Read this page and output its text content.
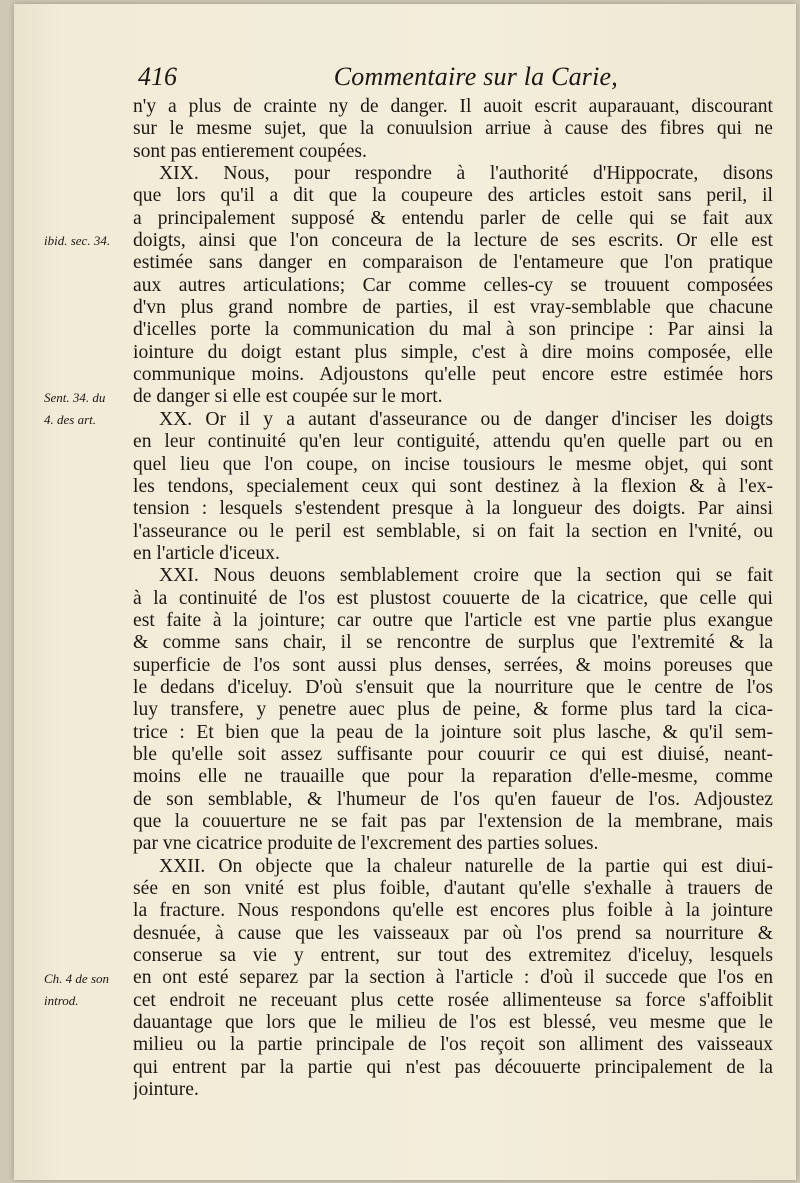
416	Commentaire sur la Carie,
ibid. sec. 34.
Sent. 34. du
4. des art.
Ch. 4 de son
introd.
n'y a plus de crainte ny de danger. Il auoit escrit auparauant, discourant
sur le mesme sujet, que la conuulsion arriue à cause des fibres qui ne
sont pas entierement coupées.
XIX. Nous, pour respondre à l'authorité d'Hippocrate, disons
que lors qu'il a dit que la coupeure des articles estoit sans peril, il
a principalement supposé & entendu parler de celle qui se fait aux
doigts, ainsi que l'on conceura de la lecture de ses escrits. Or elle est
estimée sans danger en comparaison de l'entameure que l'on pratique
aux autres articulations; Car comme celles-cy se trouuent composées
d'vn plus grand nombre de parties, il est vray-semblable que chacune
d'icelles porte la communication du mal à son principe : Par ainsi la
iointure du doigt estant plus simple, c'est à dire moins composée, elle
communique moins. Adjoustons qu'elle peut encore estre estimée hors
de danger si elle est coupée sur le mort.
XX. Or il y a autant d'asseurance ou de danger d'inciser les doigts
en leur continuité qu'en leur contiguité, attendu qu'en quelle part ou en
quel lieu que l'on coupe, on incise tousiours le mesme objet, qui sont
les tendons, specialement ceux qui sont destinez à la flexion & à l'ex-
tension : lesquels s'estendent presque à la longueur des doigts. Par ainsi
l'asseurance ou le peril est semblable, si on fait la section en l'vnité, ou
en l'article d'iceux.
XXI. Nous deuons semblablement croire que la section qui se fait
à la continuité de l'os est plustost couuerte de la cicatrice, que celle qui
est faite à la jointure; car outre que l'article est vne partie plus exangue
& comme sans chair, il se rencontre de surplus que l'extremité & la
superficie de l'os sont aussi plus denses, serrées, & moins poreuses que
le dedans d'iceluy. D'où s'ensuit que la nourriture que le centre de l'os
luy transfere, y penetre auec plus de peine, & forme plus tard la cica-
trice : Et bien que la peau de la jointure soit plus lasche, & qu'il sem-
ble qu'elle soit assez suffisante pour couurir ce qui est diuisé, neant-
moins elle ne trauaille que pour la reparation d'elle-mesme, comme
de son semblable, & l'humeur de l'os qu'en faueur de l'os. Adjoustez
que la couuerture ne se fait pas par l'extension de la membrane, mais
par vne cicatrice produite de l'excrement des parties solues.
XXII. On objecte que la chaleur naturelle de la partie qui est diui-
sée en son vnité est plus foible, d'autant qu'elle s'exhalle à trauers de
la fracture. Nous respondons qu'elle est encores plus foible à la jointure
desnuée, à cause que les vaisseaux par où l'os prend sa nourriture &
conserue sa vie y entrent, sur tout des extremitez d'iceluy, lesquels
en ont esté separez par la section à l'article : d'où il succede que l'os en
cet endroit ne receuant plus cette rosée allimenteuse sa force s'affoiblit
dauantage que lors que le milieu de l'os est blessé, veu mesme que le
milieu ou la partie principale de l'os reçoit son alliment des vaisseaux
qui entrent par la partie qui n'est pas découuerte principalement de la
jointure.
